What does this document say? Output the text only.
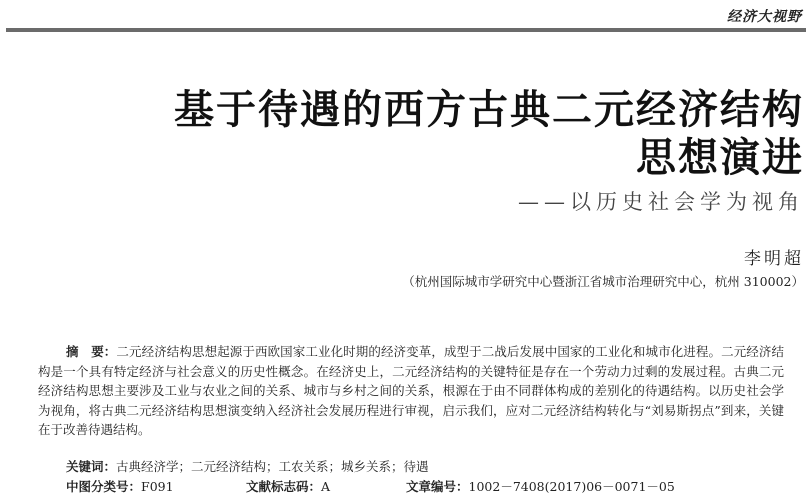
经济大视野
基于待遇的西方古典二元经济结构
思想演进
——以历史社会学为视角
李明超
（杭州国际城市学研究中心暨浙江省城市治理研究中心，杭州 310002）
摘　要：二元经济结构思想起源于西欧国家工业化时期的经济变革，成型于二战后发展中国家的工业化和城市化进程。二元经济结构是一个具有特定经济与社会意义的历史性概念。在经济史上，二元经济结构的关键特征是存在一个劳动力过剩的发展过程。古典二元经济结构思想主要涉及工业与农业之间的关系、城市与乡村之间的关系，根源在于由不同群体构成的差别化的待遇结构。以历史社会学为视角，将古典二元经济结构思想演变纳入经济社会发展历程进行审视，启示我们，应对二元经济结构转化与“刘易斯拐点”到来，关键在于改善待遇结构。
关键词：古典经济学；二元经济结构；工农关系；城乡关系；待遇
中图分类号：F091	文献标志码：A	文章编号：1002－7408(2017)06－0071－05
